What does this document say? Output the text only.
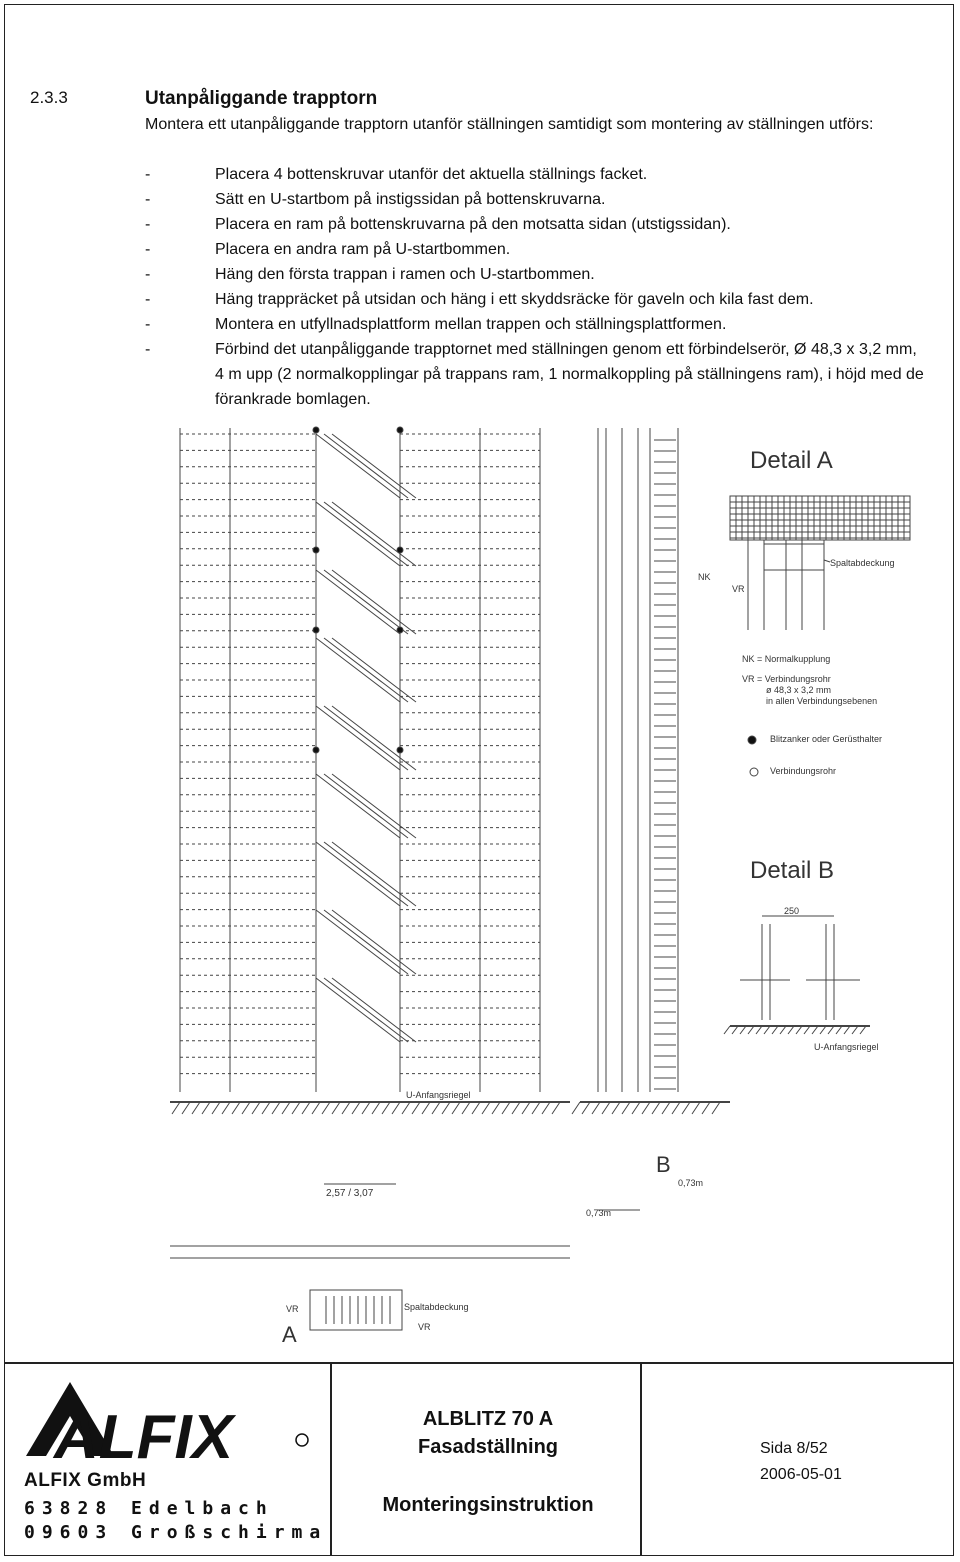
2.3.3	Utanpåliggande trapptorn
Montera ett utanpåliggande trapptorn utanför ställningen samtidigt som montering av ställningen utförs:
-	Placera 4 bottenskruvar utanför det aktuella ställnings facket.
-	Sätt en U-startbom på instigssidan på bottenskruvarna.
-	Placera en ram på bottenskruvarna på den motsatta sidan (utstigssidan).
-	Placera en andra ram på U-startbommen.
-	Häng den första trappan i ramen och U-startbommen.
-	Häng trappräcket på utsidan och häng i ett skyddsräcke för gaveln och kila fast dem.
-	Montera en utfyllnadsplattform mellan trappen och ställningsplattformen.
-	Förbind det utanpåliggande trapptornet med ställningen genom ett förbindelserör, Ø 48,3 x 3,2 mm, 4 m upp (2 normalkopplingar på trappans ram, 1 normalkoppling på ställningens ram), i höjd med de förankrade bomlagen.
Detail A
Detail B
Spaltabdeckung
NK
VR
NK = Normalkupplung
VR = Verbindungsrohr
ø 48,3 x 3,2 mm
in allen Verbindungsebenen
Blitzanker oder Gerüsthalter
Verbindungsrohr
250
U-Anfangsriegel
U-Anfangsriegel
2,57 / 3,07
B
0,73m
0,73m
A
Spaltabdeckung
VR
VR
ALFIX
ALFIX GmbH
63828 Edelbach
09603 Großschirma
ALBLITZ 70 A
Fasadställning
Monteringsinstruktion
Sida 8/52
2006-05-01
